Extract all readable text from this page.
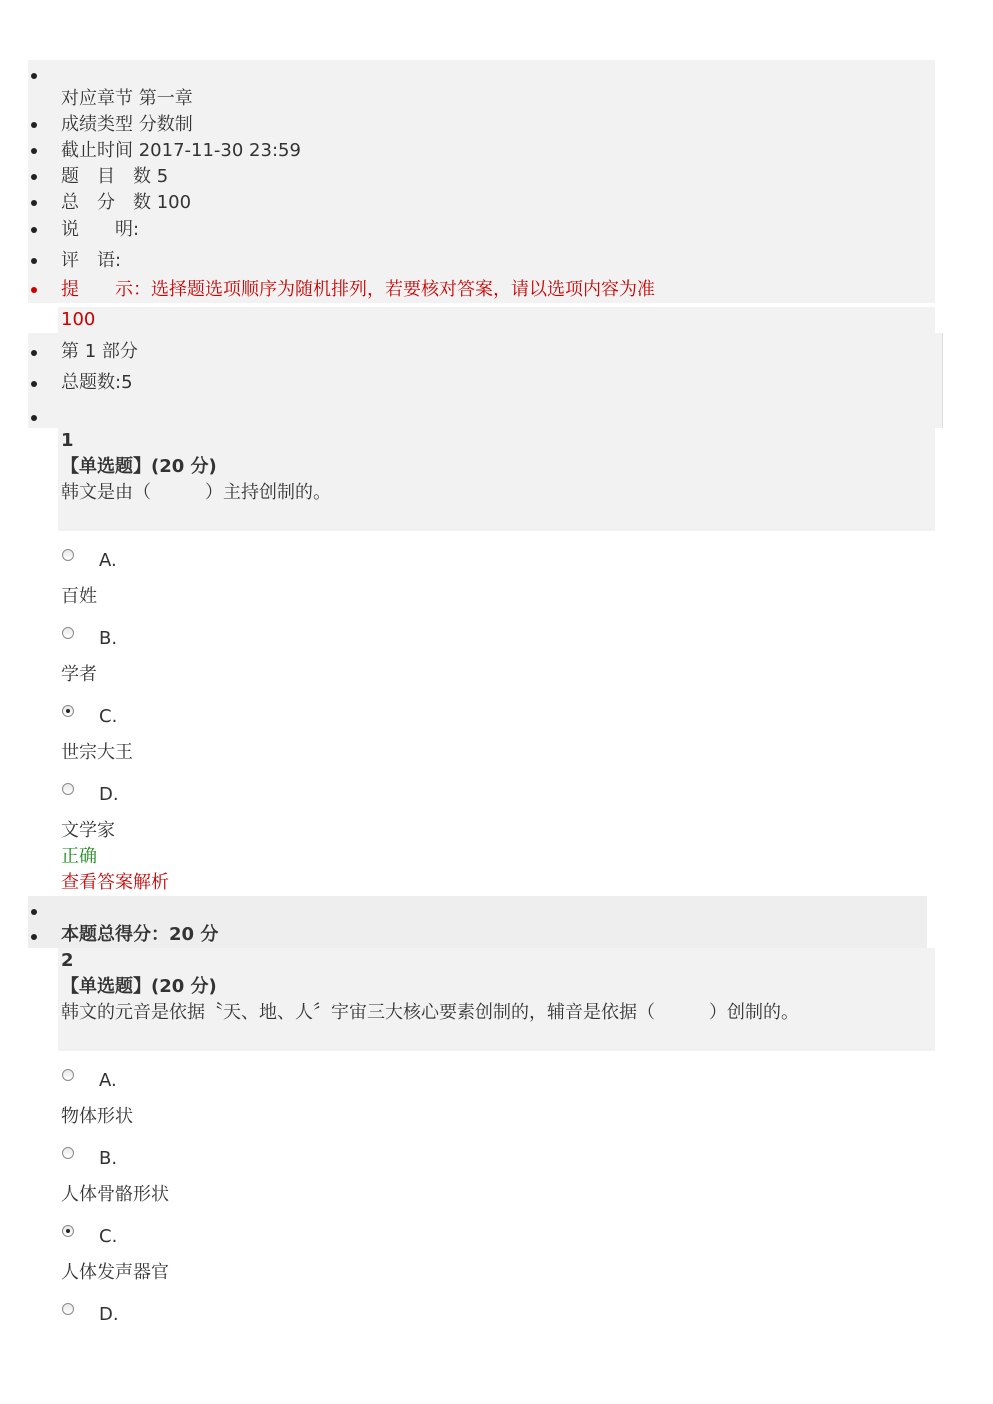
对应章节 第一章
成绩类型 分数制
截止时间 2017-11-30 23:59
题　目　数 5
总　分　数 100
说　　明:
评　语:
提　　示：选择题选项顺序为随机排列，若要核对答案，请以选项内容为准
100
第 1 部分
总题数:5
1
【单选题】(20 分)
韩文是由（　　　）主持创制的。
A.
百姓
B.
学者
C.
世宗大王
D.
文学家
正确
查看答案解析
本题总得分：20 分
2
【单选题】(20 分)
韩文的元音是依据〝天、地、人〞宇宙三大核心要素创制的，辅音是依据（　　　）创制的。
A.
物体形状
B.
人体骨骼形状
C.
人体发声器官
D.
